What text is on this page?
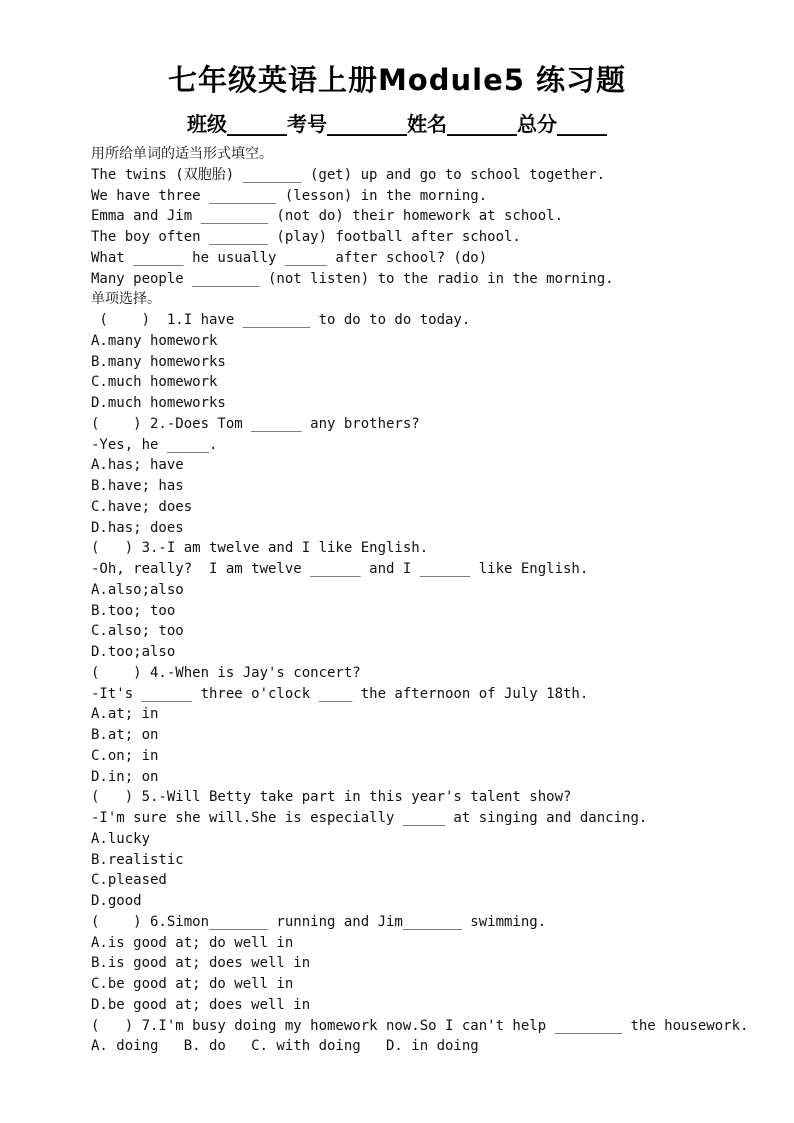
七年级英语上册Module5 练习题
班级______考号________姓名_______总分_____
用所给单词的适当形式填空。
The twins (双胞胎) _______ (get) up and go to school together.
We have three ________ (lesson) in the morning.
Emma and Jim ________ (not do) their homework at school.
The boy often _______ (play) football after school.
What ______ he usually _____ after school? (do)
Many people ________ (not listen) to the radio in the morning.
单项选择。
(    )  1.I have ________ to do to do today.
A.many homework
B.many homeworks
C.much homework
D.much homeworks
(    ) 2.-Does Tom ______ any brothers?
-Yes, he _____.
A.has; have
B.have; has
C.have; does
D.has; does
(   ) 3.-I am twelve and I like English.
-Oh, really?  I am twelve ______ and I ______ like English.
A.also;also
B.too; too
C.also; too
D.too;also
(    ) 4.-When is Jay's concert?
-It's ______ three o'clock ____ the afternoon of July 18th.
A.at; in
B.at; on
C.on; in
D.in; on
(   ) 5.-Will Betty take part in this year's talent show?
-I'm sure she will.She is especially _____ at singing and dancing.
A.lucky
B.realistic
C.pleased
D.good
(    ) 6.Simon_______ running and Jim_______ swimming.
A.is good at; do well in
B.is good at; does well in
C.be good at; do well in
D.be good at; does well in
(   ) 7.I'm busy doing my homework now.So I can't help ________ the housework.
A. doing   B. do   C. with doing   D. in doing
